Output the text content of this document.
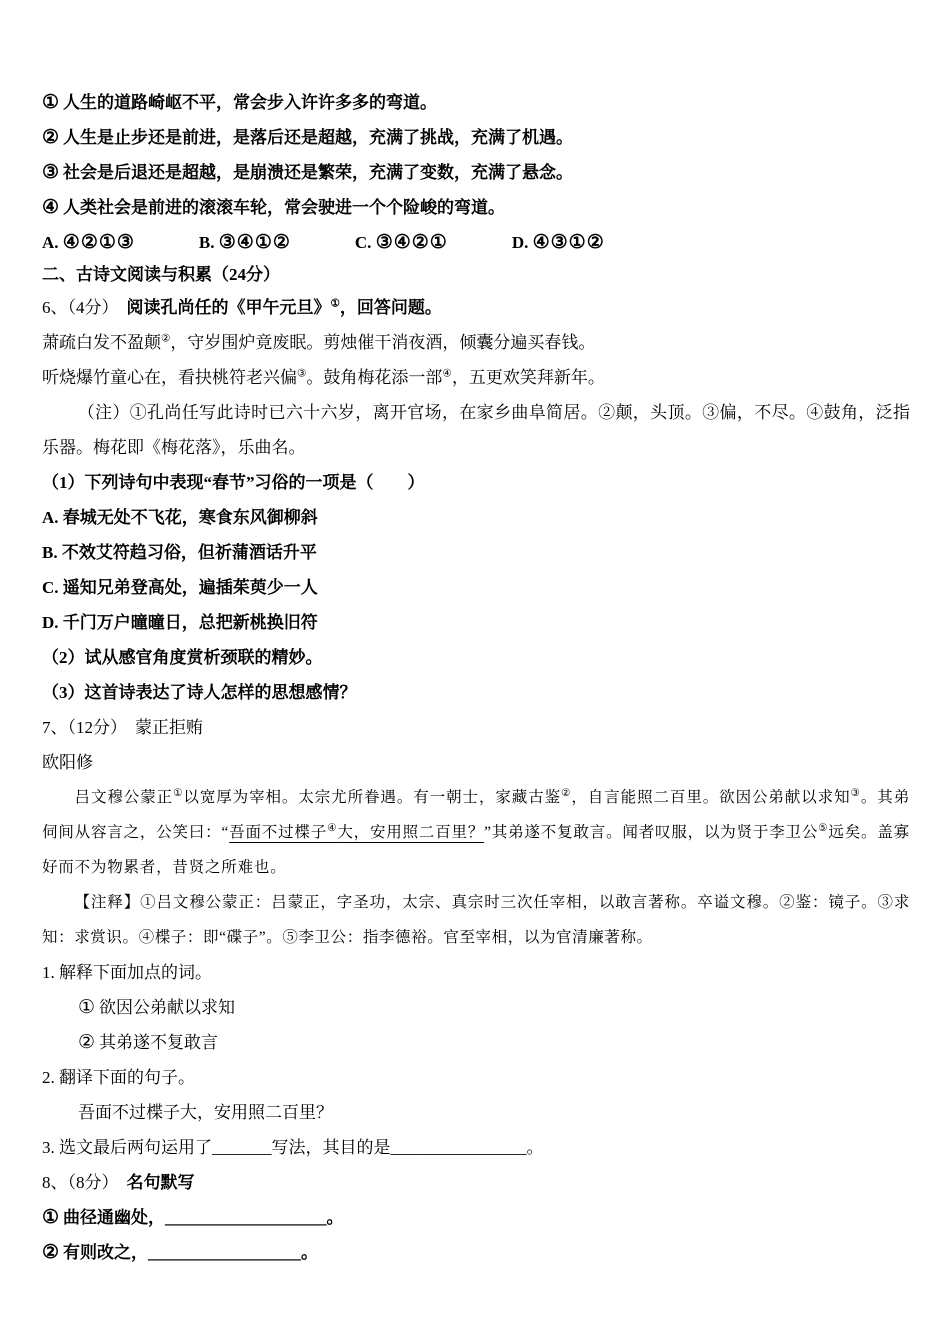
① 人生的道路崎岖不平，常会步入许许多多的弯道。
② 人生是止步还是前进，是落后还是超越，充满了挑战，充满了机遇。
③ 社会是后退还是超越，是崩溃还是繁荣，充满了变数，充满了悬念。
④ 人类社会是前进的滚滚车轮，常会驶进一个个险峻的弯道。
A. ④②①③	B. ③④①②	C. ③④②①	D. ④③①②
二、古诗文阅读与积累（24分）
6、（4分） 阅读孔尚任的《甲午元旦》①，回答问题。
萧疏白发不盈颠②，守岁围炉竟废眠。剪烛催干消夜酒，倾囊分遍买春钱。
听烧爆竹童心在，看抉桃符老兴偏③。鼓角梅花添一部④，五更欢笑拜新年。

（注）①孔尚任写此诗时已六十六岁，离开官场，在家乡曲阜简居。②颠，头顶。③偏，不尽。④鼓角，泛指乐器。梅花即《梅花落》，乐曲名。

（1）下列诗句中表现“春节”习俗的一项是（　　）
A. 春城无处不飞花，寒食东风御柳斜
B. 不效艾符趋习俗，但祈蒲酒话升平
C. 遥知兄弟登高处，遍插茱萸少一人
D. 千门万户曈曈日，总把新桃换旧符
（2）试从感官角度赏析颈联的精妙。
（3）这首诗表达了诗人怎样的思想感情？
7、（12分） 蒙正拒贿
欧阳修

吕文穆公蒙正①以宽厚为宰相。太宗尤所眷遇。有一朝士，家藏古鉴②，自言能照二百里。欲因公弟献以求知③。其弟伺间从容言之，公笑曰：“吾面不过楪子④大，安用照二百里？”其弟遂不复敢言。闻者叹服，以为贤于李卫公⑤远矣。盖寡好而不为物累者，昔贤之所难也。

【注释】①吕文穆公蒙正：吕蒙正，字圣功，太宗、真宗时三次任宰相，以敢言著称。卒谥文穆。②鉴：镜子。③求知：求赏识。④楪子：即“碟子”。⑤李卫公：指李德裕。官至宰相，以为官清廉著称。

1. 解释下面加点的词。
① 欲因公弟献以求知
② 其弟遂不复敢言
2. 翻译下面的句子。
吾面不过楪子大，安用照二百里？
3. 选文最后两句运用了_______写法，其目的是________________。
8、（8分） 名句默写
① 曲径通幽处，___________________。
② 有则改之，__________________。
